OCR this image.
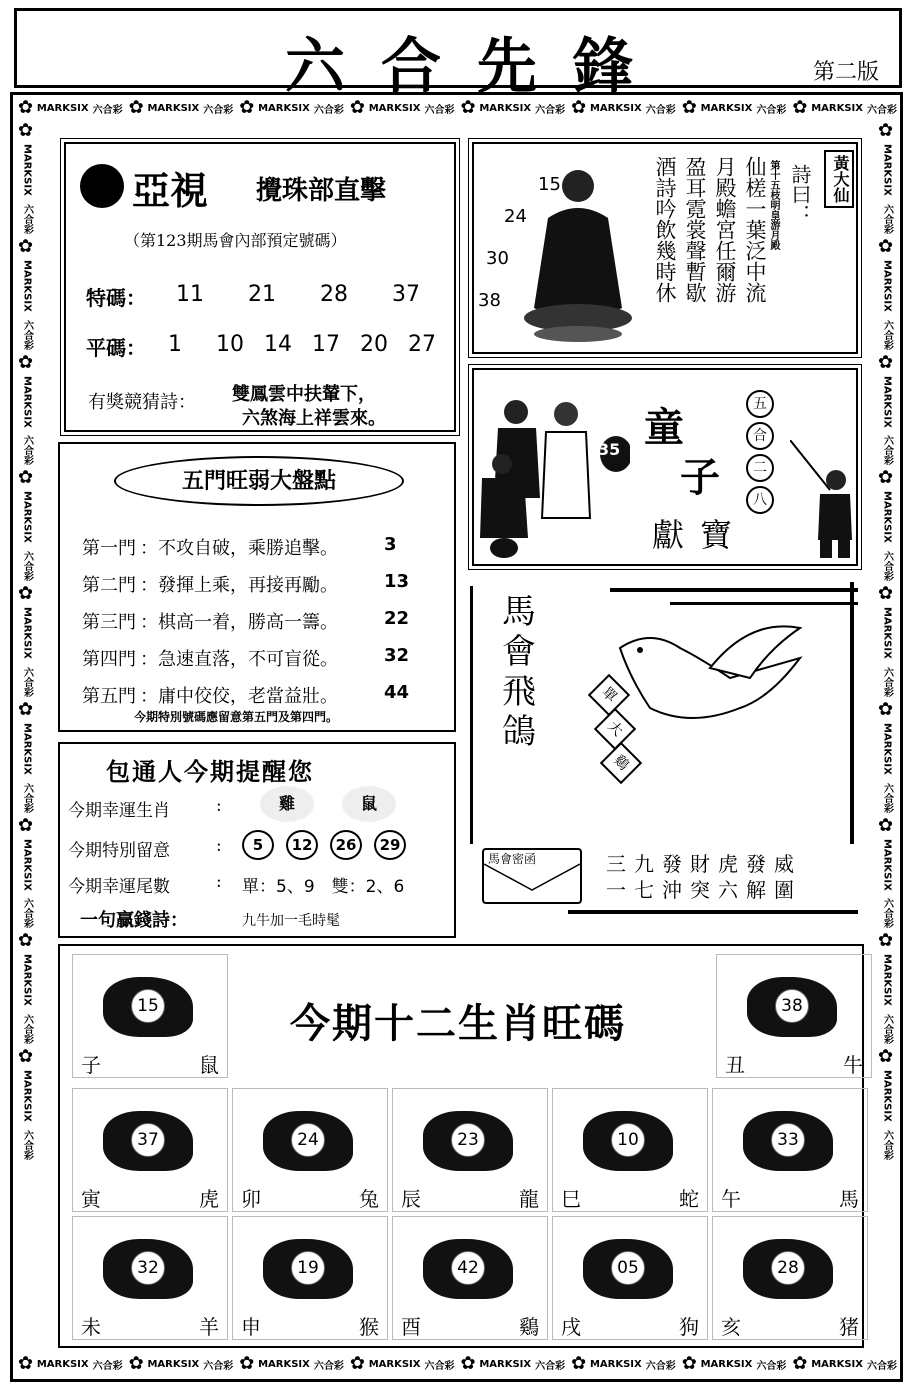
六合先鋒	第二版
✿
MARKSIX 六合彩 ✿ MARKSIX 六合彩 ✿ MARKSIX 六合彩 ✿ MARKSIX 六合彩 ✿ MARKSIX 六合彩 ✿ MARKSIX 六合彩 ✿ MARKSIX 六合彩 ✿ MARKSIX 六合彩
✿
MARKSIX 六合彩 ✿ MARKSIX 六合彩 ✿ MARKSIX 六合彩 ✿ MARKSIX 六合彩 ✿ MARKSIX 六合彩 ✿ MARKSIX 六合彩 ✿ MARKSIX 六合彩 ✿ MARKSIX 六合彩
✿
MARKSIX
六合彩
✿
MARKSIX
六合彩
✿
MARKSIX
六合彩
✿
MARKSIX
六合彩
✿
MARKSIX
六合彩
✿
MARKSIX
六合彩
✿
MARKSIX
六合彩
✿
MARKSIX
六合彩
✿
MARKSIX
六合彩
✿
MARKSIX
六合彩
✿
MARKSIX
六合彩
✿
MARKSIX
六合彩
✿
MARKSIX
六合彩
✿
MARKSIX
六合彩
✿
MARKSIX
六合彩
✿
MARKSIX
六合彩
✿
MARKSIX
六合彩
✿
MARKSIX
六合彩
亞視 攪珠部直擊
（第123期馬會內部預定號碼）
特碼： 11 21 28 37
平碼： 1 10 14 17 20 27
有獎競猜詩： 雙鳳雲中扶輦下，
六煞海上祥雲來。
15
24
30
38	仙槎一葉泛中流
月殿蟾宮任爾游
盈耳霓裳聲暫歇
酒詩吟飲幾時休	第十五枝明皇游月殿 詩曰：	黃大仙
35 童
子
獻寶
五
合
二
八
五門旺弱大盤點
第一門 ：不攻自破，乘勝追擊。	3
第二門 ：發揮上乘，再接再勵。	13
第三門 ：棋高一着，勝高一籌。	22
第四門 ：急速直落，不可盲從。	32
第五門 ：庸中佼佼，老當益壯。	44
今期特別號碼應留意第五門及第四門。
馬
會
飛
鴿
單
大
鷄
馬會密函	三九發財虎發威
一七沖突六解圍
包通人今期提醒您
今期幸運生肖	:	雞	鼠
今期特別留意	:	5	12	26	29
今期幸運尾數	: 單：5、9　雙：2、6
一句贏錢詩：	九牛加一毛時髦
今期十二生肖旺碼
15
子	鼠
38
丑	牛
37
寅	虎
24
卯	兔
23
辰	龍
10
巳	蛇
33
午	馬
32
未	羊
19
申	猴
42
酉	鷄
05
戌	狗
28
亥	猪
